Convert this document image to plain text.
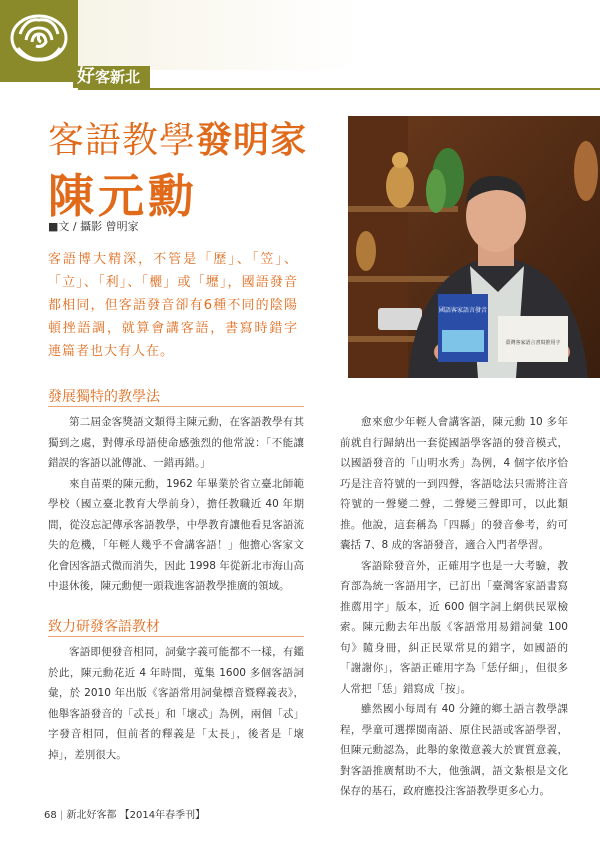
好客新北
客語教學發明家
陳元勳
■文 / 攝影 曾明家
客語博大精深，不管是「歷」、「笠」、「立」、「利」、「欐」或「壢」，國語發音都相同，但客語發音卻有6種不同的陰陽頓挫語調，就算會講客語，書寫時錯字連篇者也大有人在。
國語客家語言發音
臺灣客家語言書寫推用字
發展獨特的教學法

第二屆金客獎語文類得主陳元勳，在客語教學有其獨到之處，對傳承母語使命感強烈的他常說：「不能讓錯誤的客語以訛傳訛、一錯再錯。」

來自苗栗的陳元勳，1962 年畢業於省立臺北師範學校（國立臺北教育大學前身），擔任教職近 40 年期間，從沒忘記傳承客語教學，中學教育讓他看見客語流失的危機，「年輕人幾乎不會講客語！」他擔心客家文化會因客語式微而消失，因此 1998 年從新北市海山高中退休後，陳元勳便一頭栽進客語教學推廣的領域。

致力研發客語教材

客語即便發音相同，詞彙字義可能都不一樣，有鑑於此，陳元勳花近 4 年時間，蒐集 1600 多個客語詞彙，於 2010 年出版《客語常用詞彙標音暨釋義表》，他舉客語發音的「忒長」和「壞忒」為例，兩個「忒」字發音相同，但前者的釋義是「太長」，後者是「壞掉」，差別很大。

愈來愈少年輕人會講客語，陳元勳 10 多年前就自行歸納出一套從國語學客語的發音模式，以國語發音的「山明水秀」為例，4 個字依序恰巧是注音符號的一到四聲，客語唸法只需將注音符號的一聲變二聲，二聲變三聲即可，以此類推。他說，這套稱為「四縣」的發音參考，約可囊括 7、8 成的客語發音，適合入門者學習。

客語除發音外，正確用字也是一大考驗，教育部為統一客語用字，已訂出「臺灣客家語書寫推薦用字」版本，近 600 個字詞上網供民眾檢索。陳元勳去年出版《客語常用易錯詞彙 100 句》隨身冊，糾正民眾常見的錯字，如國語的「謝謝你」，客語正確用字為「恁仔細」，但很多人常把「恁」錯寫成「按」。

雖然國小每周有 40 分鐘的鄉土語言教學課程，學童可選擇閩南語、原住民語或客語學習，但陳元勳認為，此舉的象徵意義大於實質意義，對客語推廣幫助不大，他強調，語文紮根是文化保存的基石，政府應投注客語教學更多心力。

68 | 新北好客都 【2014年春季刊】
